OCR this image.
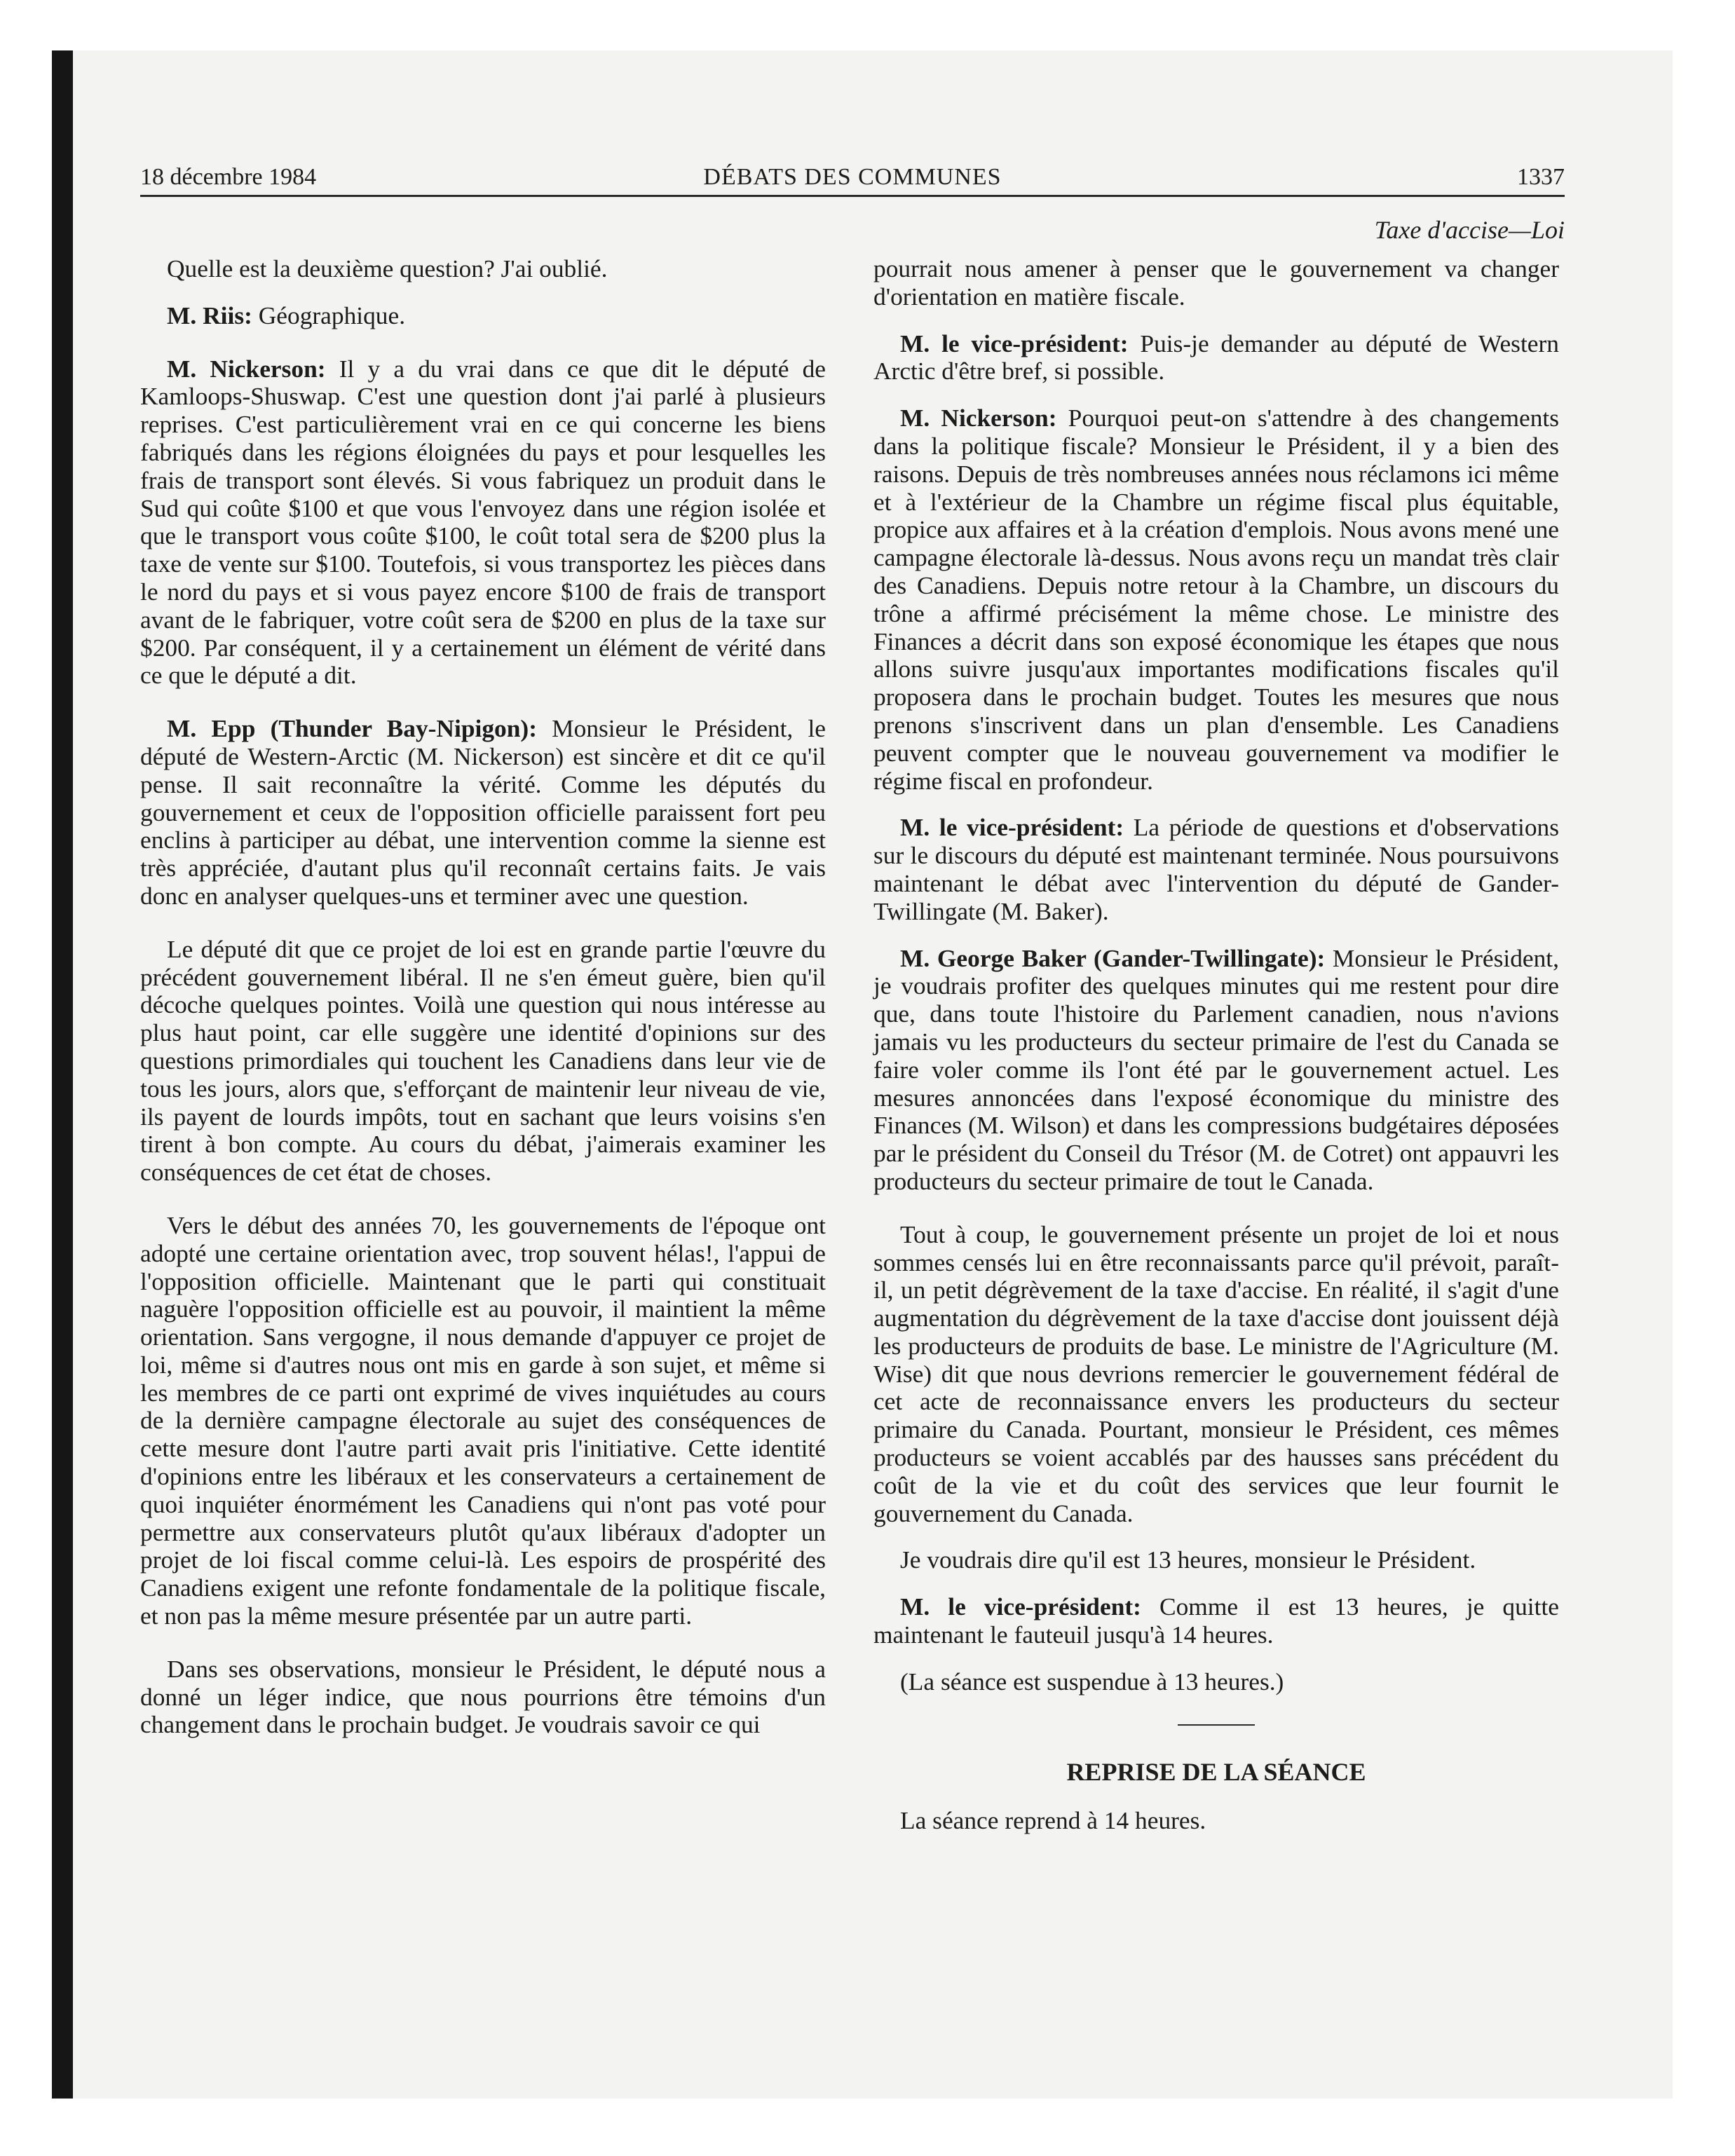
18 décembre 1984	DÉBATS DES COMMUNES	1337
Taxe d'accise—Loi

Quelle est la deuxième question? J'ai oublié.

M. Riis: Géographique.

M. Nickerson: Il y a du vrai dans ce que dit le député de Kamloops-Shuswap. C'est une question dont j'ai parlé à plusieurs reprises. C'est particulièrement vrai en ce qui concerne les biens fabriqués dans les régions éloignées du pays et pour lesquelles les frais de transport sont élevés. Si vous fabriquez un produit dans le Sud qui coûte $100 et que vous l'envoyez dans une région isolée et que le transport vous coûte $100, le coût total sera de $200 plus la taxe de vente sur $100. Toutefois, si vous transportez les pièces dans le nord du pays et si vous payez encore $100 de frais de transport avant de le fabriquer, votre coût sera de $200 en plus de la taxe sur $200. Par conséquent, il y a certainement un élément de vérité dans ce que le député a dit.

M. Epp (Thunder Bay-Nipigon): Monsieur le Président, le député de Western-Arctic (M. Nickerson) est sincère et dit ce qu'il pense. Il sait reconnaître la vérité. Comme les députés du gouvernement et ceux de l'opposition officielle paraissent fort peu enclins à participer au débat, une intervention comme la sienne est très appréciée, d'autant plus qu'il reconnaît certains faits. Je vais donc en analyser quelques-uns et terminer avec une question.

Le député dit que ce projet de loi est en grande partie l'œuvre du précédent gouvernement libéral. Il ne s'en émeut guère, bien qu'il décoche quelques pointes. Voilà une question qui nous intéresse au plus haut point, car elle suggère une identité d'opinions sur des questions primordiales qui touchent les Canadiens dans leur vie de tous les jours, alors que, s'efforçant de maintenir leur niveau de vie, ils payent de lourds impôts, tout en sachant que leurs voisins s'en tirent à bon compte. Au cours du débat, j'aimerais examiner les conséquences de cet état de choses.

Vers le début des années 70, les gouvernements de l'époque ont adopté une certaine orientation avec, trop souvent hélas!, l'appui de l'opposition officielle. Maintenant que le parti qui constituait naguère l'opposition officielle est au pouvoir, il maintient la même orientation. Sans vergogne, il nous demande d'appuyer ce projet de loi, même si d'autres nous ont mis en garde à son sujet, et même si les membres de ce parti ont exprimé de vives inquiétudes au cours de la dernière campagne électorale au sujet des conséquences de cette mesure dont l'autre parti avait pris l'initiative. Cette identité d'opinions entre les libéraux et les conservateurs a certainement de quoi inquiéter énormément les Canadiens qui n'ont pas voté pour permettre aux conservateurs plutôt qu'aux libéraux d'adopter un projet de loi fiscal comme celui-là. Les espoirs de prospérité des Canadiens exigent une refonte fondamentale de la politique fiscale, et non pas la même mesure présentée par un autre parti.

Dans ses observations, monsieur le Président, le député nous a donné un léger indice, que nous pourrions être témoins d'un changement dans le prochain budget. Je voudrais savoir ce qui

pourrait nous amener à penser que le gouvernement va changer d'orientation en matière fiscale.

M. le vice-président: Puis-je demander au député de Western Arctic d'être bref, si possible.

M. Nickerson: Pourquoi peut-on s'attendre à des changements dans la politique fiscale? Monsieur le Président, il y a bien des raisons. Depuis de très nombreuses années nous réclamons ici même et à l'extérieur de la Chambre un régime fiscal plus équitable, propice aux affaires et à la création d'emplois. Nous avons mené une campagne électorale là-dessus. Nous avons reçu un mandat très clair des Canadiens. Depuis notre retour à la Chambre, un discours du trône a affirmé précisément la même chose. Le ministre des Finances a décrit dans son exposé économique les étapes que nous allons suivre jusqu'aux importantes modifications fiscales qu'il proposera dans le prochain budget. Toutes les mesures que nous prenons s'inscrivent dans un plan d'ensemble. Les Canadiens peuvent compter que le nouveau gouvernement va modifier le régime fiscal en profondeur.

M. le vice-président: La période de questions et d'observations sur le discours du député est maintenant terminée. Nous poursuivons maintenant le débat avec l'intervention du député de Gander-Twillingate (M. Baker).

M. George Baker (Gander-Twillingate): Monsieur le Président, je voudrais profiter des quelques minutes qui me restent pour dire que, dans toute l'histoire du Parlement canadien, nous n'avions jamais vu les producteurs du secteur primaire de l'est du Canada se faire voler comme ils l'ont été par le gouvernement actuel. Les mesures annoncées dans l'exposé économique du ministre des Finances (M. Wilson) et dans les compressions budgétaires déposées par le président du Conseil du Trésor (M. de Cotret) ont appauvri les producteurs du secteur primaire de tout le Canada.

Tout à coup, le gouvernement présente un projet de loi et nous sommes censés lui en être reconnaissants parce qu'il prévoit, paraît-il, un petit dégrèvement de la taxe d'accise. En réalité, il s'agit d'une augmentation du dégrèvement de la taxe d'accise dont jouissent déjà les producteurs de produits de base. Le ministre de l'Agriculture (M. Wise) dit que nous devrions remercier le gouvernement fédéral de cet acte de reconnaissance envers les producteurs du secteur primaire du Canada. Pourtant, monsieur le Président, ces mêmes producteurs se voient accablés par des hausses sans précédent du coût de la vie et du coût des services que leur fournit le gouvernement du Canada.

Je voudrais dire qu'il est 13 heures, monsieur le Président.

M. le vice-président: Comme il est 13 heures, je quitte maintenant le fauteuil jusqu'à 14 heures.

(La séance est suspendue à 13 heures.)

REPRISE DE LA SÉANCE

La séance reprend à 14 heures.
